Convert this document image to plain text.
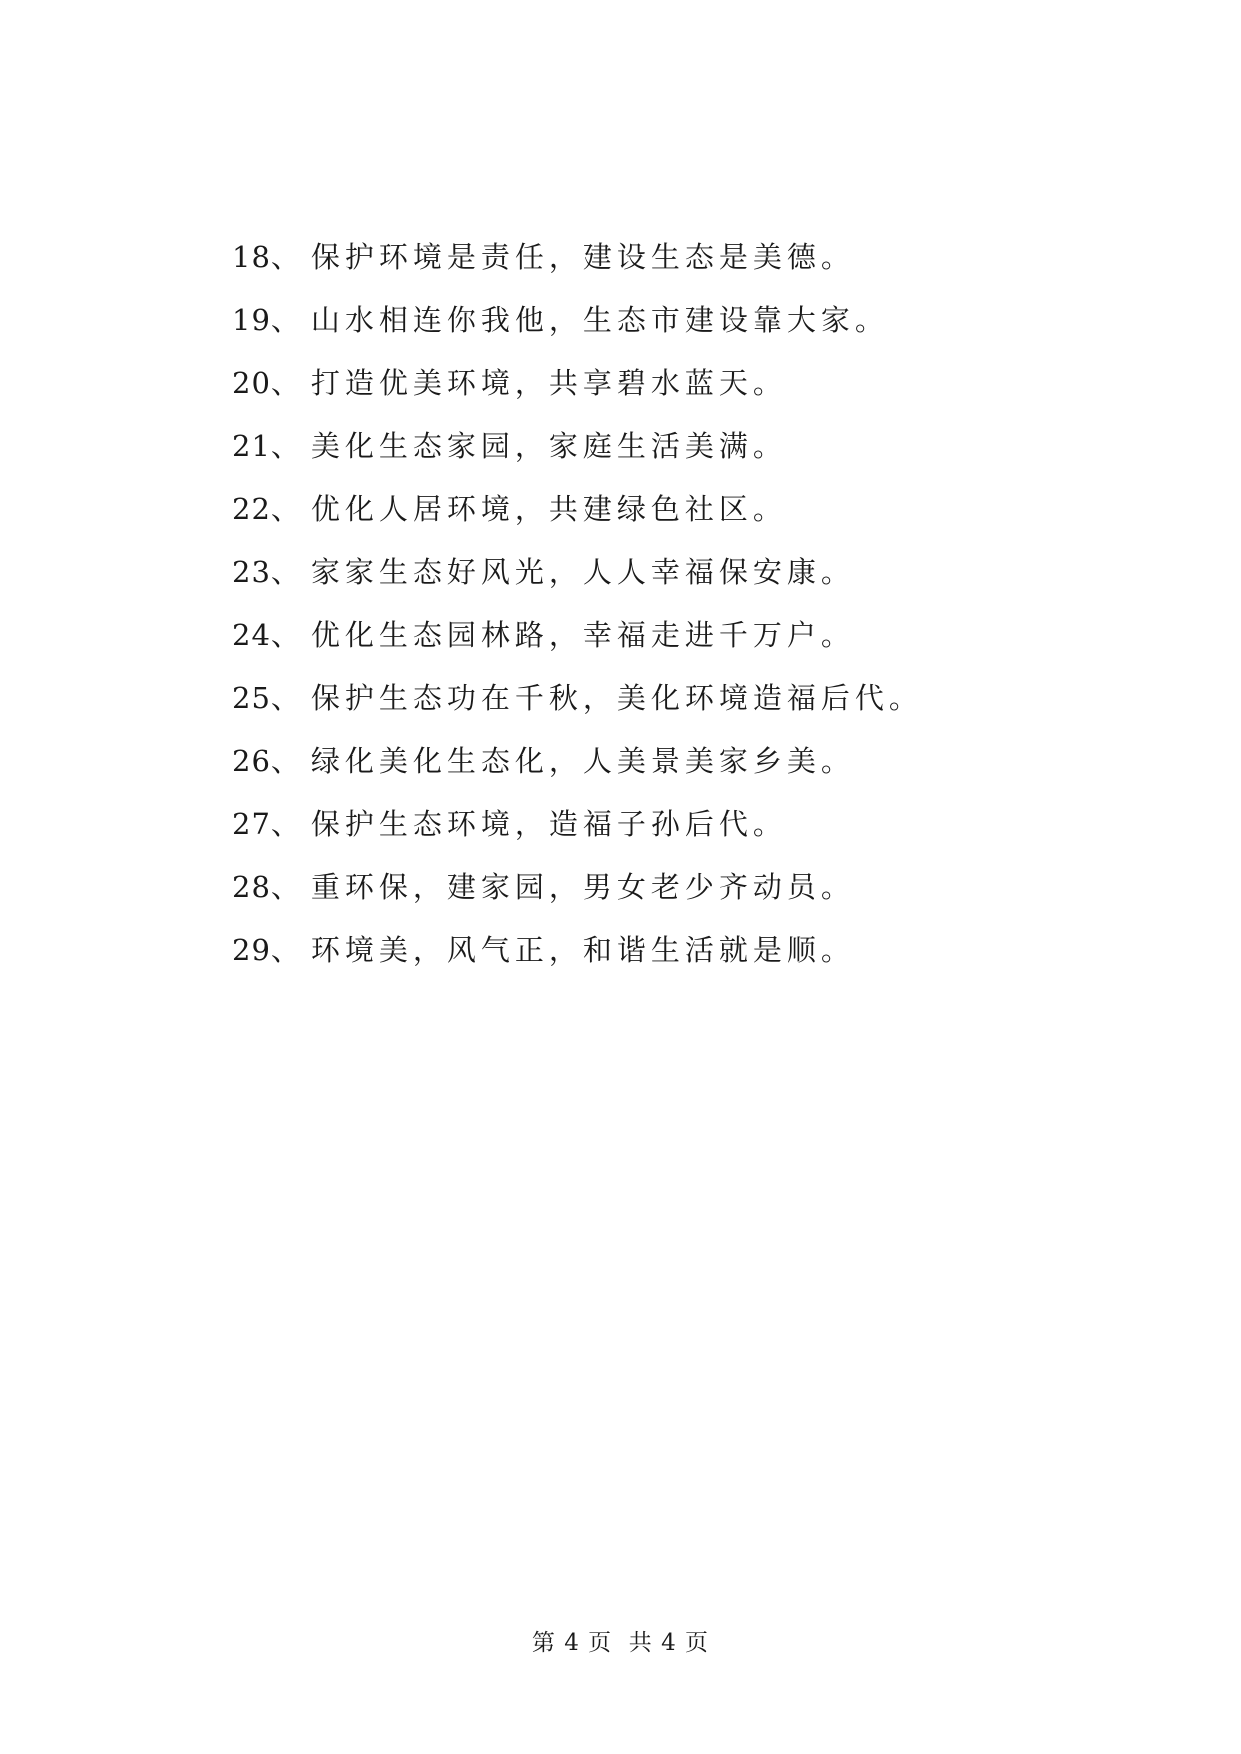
18 、 保护环境是责任，建设生态是美德。
19 、 山水相连你我他，生态市建设靠大家。
20 、 打造优美环境，共享碧水蓝天。
21 、 美化生态家园，家庭生活美满。
22 、 优化人居环境，共建绿色社区。
23 、 家家生态好风光，人人幸福保安康。
24 、 优化生态园林路，幸福走进千万户。
25 、 保护生态功在千秋，美化环境造福后代。
26 、 绿化美化生态化，人美景美家乡美。
27 、 保护生态环境，造福子孙后代。
28 、 重环保，建家园，男女老少齐动员。
29 、 环境美，风气正，和谐生活就是顺。
第 4 页  共 4 页
